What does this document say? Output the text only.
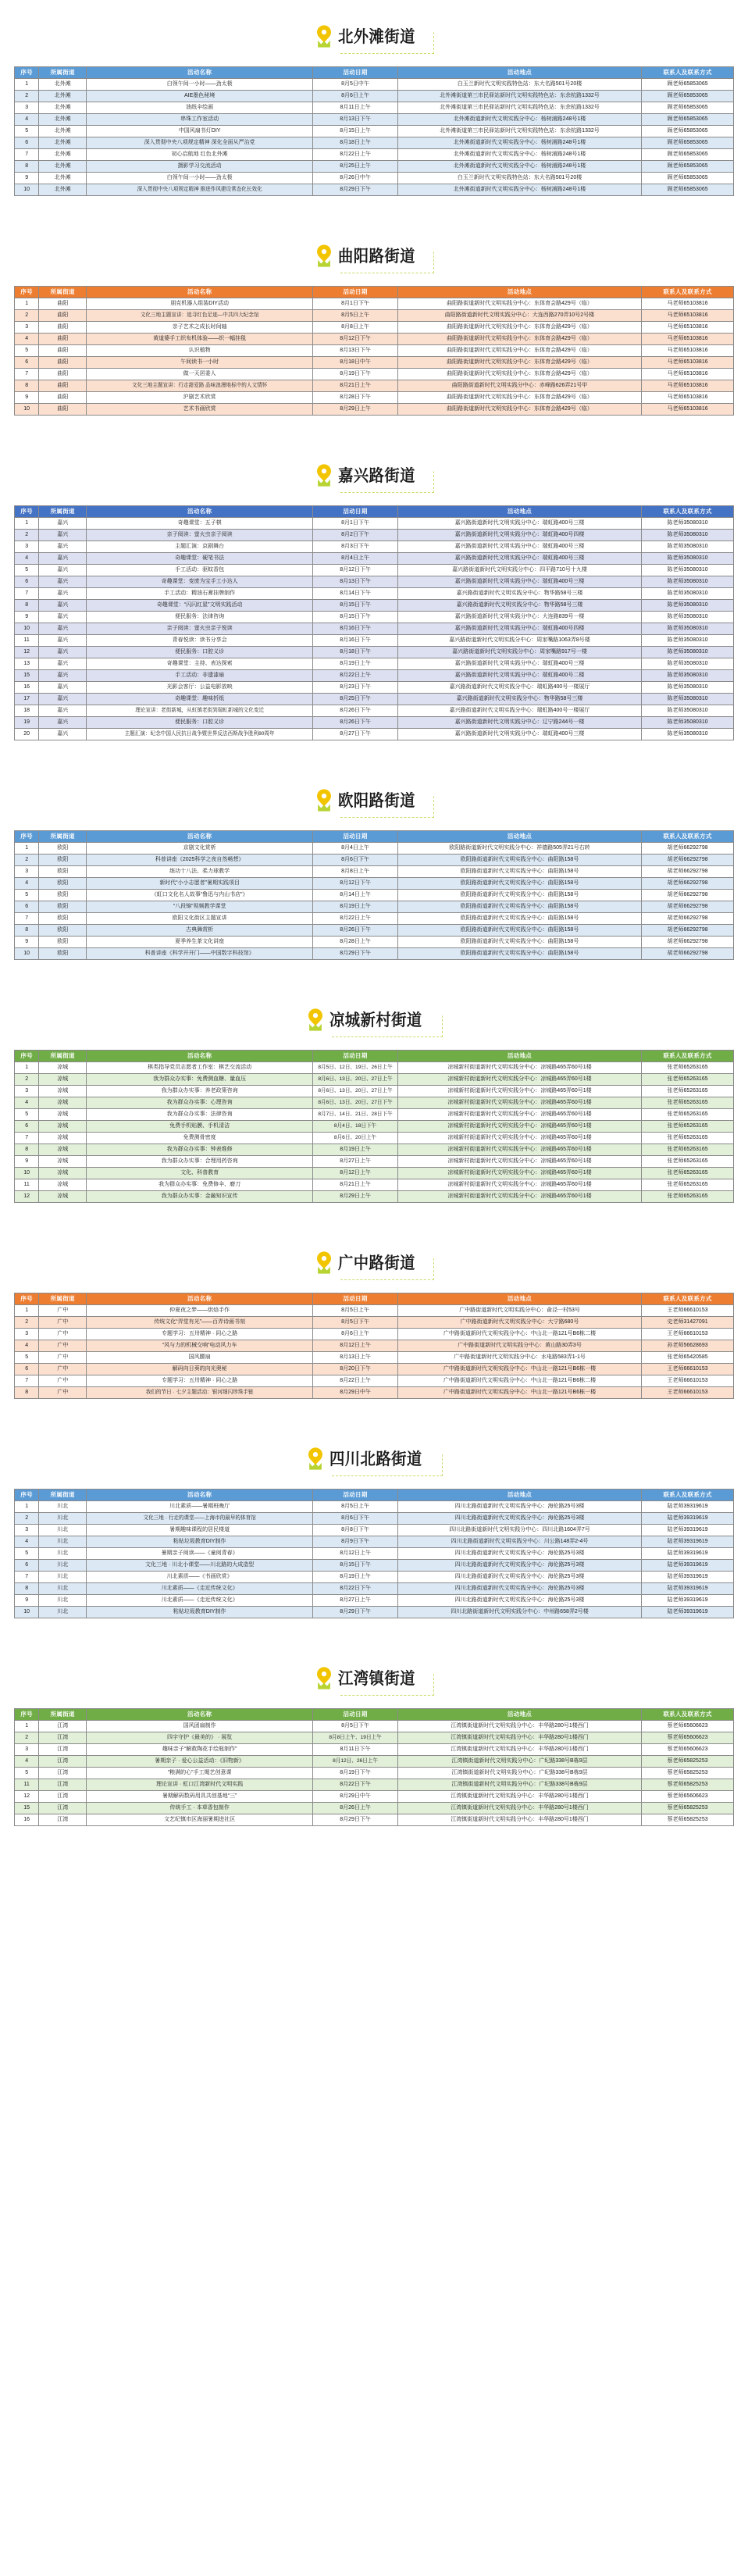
北外滩街道
序号	所属街道	活动名称	活动日期	活动地点	联系人及联系方式
1	北外滩	白领午间一小时——劲太极	8月5日中午	白玉兰新时代文明实践特色站：东大名路501号20楼	顾老师65853065
2	北外滩	AIE墨色秘境	8月6日上午	北外滩街道第三市民驿站新时代文明实践特色站：东余杭路1332号	顾老师65853065
3	北外滩	油纸伞绘画	8月11日上午	北外滩街道第三市民驿站新时代文明实践特色站：东余杭路1332号	顾老师65853065
4	北外滩	串珠工作室活动	8月13日下午	北外滩街道新时代文明实践分中心：杨树浦路248号1楼	顾老师65853065
5	北外滩	中国风扇书灯DIY	8月15日上午	北外滩街道第三市民驿站新时代文明实践特色站：东余杭路1332号	顾老师65853065
6	北外滩	深入贯彻中央八项规定精神 深化全面从严治党	8月18日上午	北外滩街道新时代文明实践分中心：杨树浦路248号1楼	顾老师65853065
7	北外滩	初心启航地 红色北外滩	8月22日上午	北外滩街道新时代文明实践分中心：杨树浦路248号1楼	顾老师65853065
8	北外滩	摄影学习交流活动	8月25日上午	北外滩街道新时代文明实践分中心：杨树浦路248号1楼	顾老师65853065
9	北外滩	白领午间一小时——劲太极	8月26日中午	白玉兰新时代文明实践特色站：东大名路501号20楼	顾老师65853065
10	北外滩	深入贯彻中央八项规定精神 推进作风建设常态化长效化	8月29日下午	北外滩街道新时代文明实践分中心：杨树浦路248号1楼	顾老师65853065
曲阳路街道
序号	所属街道	活动名称	活动日期	活动地点	联系人及联系方式
1	曲阳	朋克机器人组装DIY活动	8月1日下午	曲阳路街道新时代文明实践分中心：东体育会路429号（临）	马老师65103816
2	曲阳	文化三地主题宣讲：追寻红色足迹—中共四大纪念馆	8月5日上午	曲阳路街道新时代文明实践分中心：大连西路270弄10号2号楼	马老师65103816
3	曲阳	亲子艺术之成长时间轴	8月8日上午	曲阳路街道新时代文明实践分中心：东体育会路429号（临）	马老师65103816
4	曲阳	黄道婆手工织布机体验——织一幅挂毯	8月12日下午	曲阳路街道新时代文明实践分中心：东体育会路429号（临）	马老师65103816
5	曲阳	认识植物	8月13日下午	曲阳路街道新时代文明实践分中心：东体育会路429号（临）	马老师65103816
6	曲阳	午间读书一小时	8月18日中午	曲阳路街道新时代文明实践分中心：东体育会路429号（临）	马老师65103816
7	曲阳	做一天居委人	8月19日下午	曲阳路街道新时代文明实践分中心：东体育会路429号（临）	马老师65103816
8	曲阳	文化三地主题宣讲：行走甜爱路 品味浪漫地标中的人文情怀	8月21日上午	曲阳路街道新时代文明实践分中心：赤峰路626弄21号甲	马老师65103816
9	曲阳	沪剧艺术欣赏	8月28日下午	曲阳路街道新时代文明实践分中心：东体育会路429号（临）	马老师65103816
10	曲阳	艺术书画欣赏	8月29日上午	曲阳路街道新时代文明实践分中心：东体育会路429号（临）	马老师65103816
嘉兴路街道
序号	所属街道	活动名称	活动日期	活动地点	联系人及联系方式
1	嘉兴	奇趣课堂：五子棋	8月1日下午	嘉兴路街道新时代文明实践分中心：瑞虹路400号三楼	陈老师35080310
2	嘉兴	亲子阅读：萤火虫亲子阅读	8月2日下午	嘉兴路街道新时代文明实践分中心：瑞虹路400号四楼	陈老师35080310
3	嘉兴	主题汇演：京剧舞台	8月3日下午	嘉兴路街道新时代文明实践分中心：瑞虹路400号三楼	陈老师35080310
4	嘉兴	奇趣课堂：硬笔书法	8月4日上午	嘉兴路街道新时代文明实践分中心：瑞虹路400号三楼	陈老师35080310
5	嘉兴	手工活动：驱蚊香包	8月12日下午	嘉兴路街道新时代文明实践分中心：四平路710号十九楼	陈老师35080310
6	嘉兴	奇趣课堂：变废为宝手工小达人	8月13日下午	嘉兴路街道新时代文明实践分中心：瑞虹路400号三楼	陈老师35080310
7	嘉兴	手工活动：精油石膏挂牌制作	8月14日下午	嘉兴路街道新时代文明实践分中心：物华路58号三楼	陈老师35080310
8	嘉兴	奇趣课堂：“闪闪红星”文明实践活动	8月15日下午	嘉兴路街道新时代文明实践分中心：物华路58号三楼	陈老师35080310
9	嘉兴	便民服务：法律咨询	8月15日下午	嘉兴路街道新时代文明实践分中心：大连路839号一楼	陈老师35080310
10	嘉兴	亲子阅读：萤火虫亲子悦读	8月16日下午	嘉兴路街道新时代文明实践分中心：瑞虹路400号四楼	陈老师35080310
11	嘉兴	青春悦读：读书分享会	8月16日下午	嘉兴路街道新时代文明实践分中心：周家嘴路1063弄8号楼	陈老师35080310
12	嘉兴	便民服务：口腔义诊	8月18日下午	嘉兴路街道新时代文明实践分中心：周家嘴路917号一楼	陈老师35080310
13	嘉兴	奇趣课堂：主持、表达探索	8月19日上午	嘉兴路街道新时代文明实践分中心：瑞虹路400号三楼	陈老师35080310
15	嘉兴	手工活动：非遗漆扇	8月22日上午	嘉兴路街道新时代文明实践分中心：瑞虹路400号二楼	陈老师35080310
16	嘉兴	光影会客厅：公益电影放映	8月23日下午	嘉兴路街道新时代文明实践分中心：瑞虹路400号一楼展厅	陈老师35080310
17	嘉兴	奇趣课堂：趣味折纸	8月25日下午	嘉兴路街道新时代文明实践分中心：物华路58号三楼	陈老师35080310
18	嘉兴	理论宣讲：老街新城，从虹镇老街到瑞虹新城的文化变迁	8月26日下午	嘉兴路街道新时代文明实践分中心：瑞虹路400号一楼展厅	陈老师35080310
19	嘉兴	便民服务：口腔义诊	8月26日下午	嘉兴路街道新时代文明实践分中心：辽宁路244号一楼	陈老师35080310
20	嘉兴	主题汇演：纪念中国人民抗日战争暨世界反法西斯战争胜利80周年	8月27日下午	嘉兴路街道新时代文明实践分中心：瑞虹路400号三楼	陈老师35080310
欧阳路街道
序号	所属街道	活动名称	活动日期	活动地点	联系人及联系方式
1	欧阳	京剧文化赏析	8月4日上午	欧阳路街道新时代文明实践分中心：祥德路505弄21号右转	胡老师66292798
2	欧阳	科普讲座《2025科学之夜自然畅想》	8月6日下午	欧阳路街道新时代文明实践分中心：曲阳路158号	胡老师66292798
3	欧阳	练功十八法、柔力球教学	8月8日上午	欧阳路街道新时代文明实践分中心：曲阳路158号	胡老师66292798
4	欧阳	新时代“小小志愿者”暑期实践项目	8月12日下午	欧阳路街道新时代文明实践分中心：曲阳路158号	胡老师66292798
5	欧阳	《虹口文化名人故事“鲁迅与内山书店”》	8月14日上午	欧阳路街道新时代文明实践分中心：曲阳路158号	胡老师66292798
6	欧阳	“八段锦”视频教学课堂	8月19日上午	欧阳路街道新时代文明实践分中心：曲阳路158号	胡老师66292798
7	欧阳	欧阳文化街区主题宣讲	8月22日上午	欧阳路街道新时代文明实践分中心：曲阳路158号	胡老师66292798
8	欧阳	古典舞赏析	8月26日下午	欧阳路街道新时代文明实践分中心：曲阳路158号	胡老师66292798
9	欧阳	夏季养生茶文化讲座	8月28日上午	欧阳路街道新时代文明实践分中心：曲阳路158号	胡老师66292798
10	欧阳	科普讲座《科学开开门——中国数字科技馆》	8月29日下午	欧阳路街道新时代文明实践分中心：曲阳路158号	胡老师66292798
凉城新村街道
序号	所属街道	活动名称	活动日期	活动地点	联系人及联系方式
1	凉城	棋类指导党员志愿者工作室：棋艺交流活动	8月5日、12日、19日、26日上午	凉城新村街道新时代文明实践分中心：凉城路465弄60号1楼	张老师65263165
2	凉城	我为群众办实事：免费测血糖、量血压	8月6日、13日、20日、27日上午	凉城新村街道新时代文明实践分中心：凉城路465弄60号1楼	张老师65263165
3	凉城	我为群众办实事：养老政策咨询	8月6日、13日、20日、27日上午	凉城新村街道新时代文明实践分中心：凉城路465弄60号1楼	张老师65263165
4	凉城	我为群众办实事：心理咨询	8月6日、13日、20日、27日下午	凉城新村街道新时代文明实践分中心：凉城路465弄60号1楼	张老师65263165
5	凉城	我为群众办实事：法律咨询	8月7日、14日、21日、28日下午	凉城新村街道新时代文明实践分中心：凉城路465弄60号1楼	张老师65263165
6	凉城	免费手机贴膜、手机清洁	8月4日、18日下午	凉城新村街道新时代文明实践分中心：凉城路465弄60号1楼	张老师65263165
7	凉城	免费测骨密度	8月6日、20日上午	凉城新村街道新时代文明实践分中心：凉城路465弄60号1楼	张老师65263165
8	凉城	我为群众办实事：钟表维修	8月19日上午	凉城新村街道新时代文明实践分中心：凉城路465弄60号1楼	张老师65263165
9	凉城	我为群众办实事：合理用药咨询	8月27日上午	凉城新村街道新时代文明实践分中心：凉城路465弄60号1楼	张老师65263165
10	凉城	文化、科普教育	8月12日上午	凉城新村街道新时代文明实践分中心：凉城路465弄60号1楼	张老师65263165
11	凉城	我为群众办实事：免费修伞、磨刀	8月21日上午	凉城新村街道新时代文明实践分中心：凉城路465弄60号1楼	张老师65263165
12	凉城	我为群众办实事：金融知识宣传	8月29日上午	凉城新村街道新时代文明实践分中心：凉城路465弄60号1楼	张老师65263165
广中路街道
序号	所属街道	活动名称	活动日期	活动地点	联系人及联系方式
1	广中	仲夏夜之梦——烘焙手作	8月5日上午	广中路街道新时代文明实践分中心：俞泾一村53号	王老师66610153
2	广中	传统文化“弄堂有光”——百弄诗画书刻	8月5日下午	广中路街道新时代文明实践分中心：大宁路680号	史老师31427091
3	广中	专题学习：五卅精神 · 同心之路	8月6日上午	广中路街道新时代文明实践分中心：中山北一路121号B6栋二楼	王老师66610153
4	广中	“风与力的机械交响”电动风力车	8月12日上午	广中路街道新时代文明实践分中心：黄山路30弄3号	孙老师56628693
5	广中	国风腰扇	8月13日上午	广中路街道新时代文明实践分中心：水电路583弄1-1号	张老师65420585
6	广中	解码向日葵的向光奥秘	8月20日下午	广中路街道新时代文明实践分中心：中山北一路121号B6栋一楼	王老师66610153
7	广中	专题学习：五卅精神 · 同心之路	8月22日上午	广中路街道新时代文明实践分中心：中山北一路121号B6栋二楼	王老师66610153
8	广中	我们的节日 · 七夕主题活动：银河细闪珍珠手链	8月29日中午	广中路街道新时代文明实践分中心：中山北一路121号B6栋一楼	王老师66610153
四川北路街道
序号	所属街道	活动名称	活动日期	活动地点	联系人及联系方式
1	川北	川北素质——暑期班晚厅	8月5日上午	四川北路街道新时代文明实践分中心：海伦路25号3楼	陆老师39319619
2	川北	文化三地 · 行走的课堂——上海市的最早的体育馆	8月6日下午	四川北路街道新时代文明实践分中心：海伦路25号3楼	陆老师39319619
3	川北	暑期趣味课程的居民楼道	8月8日下午	四川北路街道新时代文明实践分中心：四川北路1604弄7号	陆老师39319619
4	川北	粘贴垃圾教育DIY制作	8月9日下午	四川北路街道新时代文明实践分中心：川公路148弄2-4号	陆老师39319619
5	川北	暑期亲子阅读——《童阅青春》	8月12日上午	四川北路街道新时代文明实践分中心：海伦路25号3楼	陆老师39319619
6	川北	文化三地 · 川北小课堂——川北路的大成造型	8月15日下午	四川北路街道新时代文明实践分中心：海伦路25号3楼	陆老师39319619
7	川北	川北素质——《书画欣赏》	8月19日上午	四川北路街道新时代文明实践分中心：海伦路25号3楼	陆老师39319619
8	川北	川北素质——《走近传统文化》	8月22日下午	四川北路街道新时代文明实践分中心：海伦路25号3楼	陆老师39319619
9	川北	川北素质——《走近传统文化》	8月27日上午	四川北路街道新时代文明实践分中心：海伦路25号3楼	陆老师39319619
10	川北	粘贴垃圾教育DIY制作	8月29日下午	四川北路街道新时代文明实践分中心：中州路658弄2号楼	陆老师39319619
江湾镇街道
序号	所属街道	活动名称	活动日期	活动地点	联系人及联系方式
1	江湾	国风团扇制作	8月5日下午	江湾镇街道新时代文明实践分中心：丰华路280号1楼西门	蔡老师65606623
2	江湾	四字守护《最美的》 · 展览	8月8日上午、19日上午	江湾镇街道新时代文明实践分中心：丰华路280号1楼西门	蔡老师65606623
3	江湾	趣味亲子“解救陶花手绘瓶制作”	8月11日下午	江湾镇街道新时代文明实践分中心：丰华路280号1楼西门	蔡老师65606623
4	江湾	暑期亲子 · 爱心公益活动：《旧物新》	8月12日、26日上午	江湾镇街道新时代文明实践分中心：广纪路338号B栋9层	蔡老师65825253
5	江湾	“粮满的心”手工绳艺创意课	8月19日下午	江湾镇街道新时代文明实践分中心：广纪路338号B栋9层	蔡老师65825253
11	江湾	理论宣讲 · 虹口江湾新时代文明实践	8月22日下午	江湾镇街道新时代文明实践分中心：广纪路338号B栋9层	蔡老师65825253
12	江湾	暑期解码数码用具共创基地“三”	8月29日中午	江湾镇街道新时代文明实践分中心：丰华路280号1楼西门	蔡老师65606623
15	江湾	传统手工 · 本草香包制作	8月26日上午	江湾镇街道新时代文明实践分中心：丰华路280号1楼西门	蔡老师65825253
16	江湾	文艺纪镇市区海丽暑期进社区	8月29日下午	江湾镇街道新时代文明实践分中心：丰华路280号1楼西门	蔡老师65825253
